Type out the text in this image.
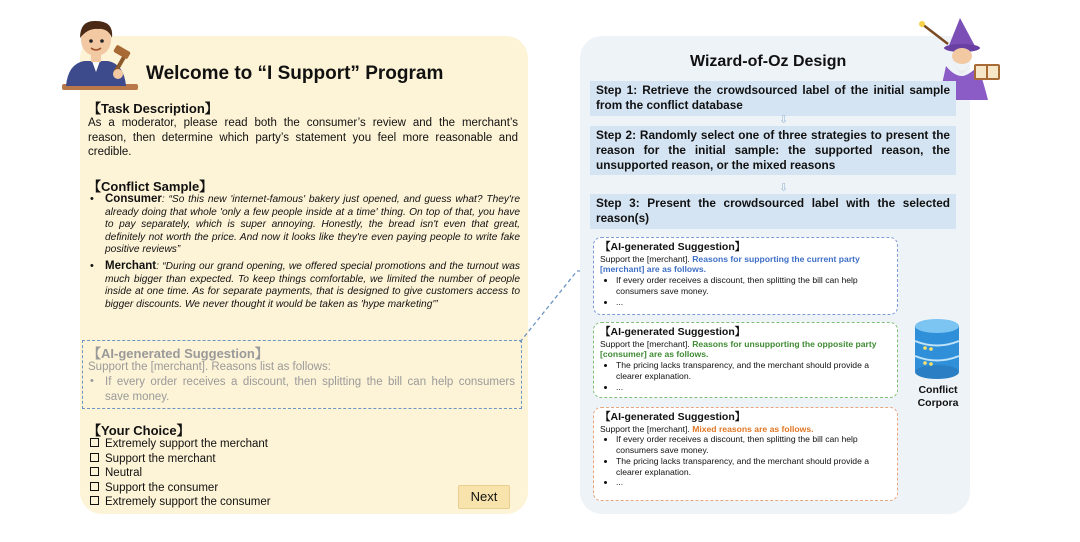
Welcome to “I Support” Program
【Task Description】
As a moderator, please read both the consumer’s review and the merchant’s reason, then determine which party’s statement you feel more reasonable and credible.
【Conflict Sample】
• Consumer: “So this new 'internet-famous' bakery just opened, and guess what? They're already doing that whole 'only a few people inside at a time' thing. On top of that, you have to pay separately, which is super annoying. Honestly, the bread isn't even that great, definitely not worth the price. And now it looks like they're even paying people to write fake positive reviews”
• Merchant: “During our grand opening, we offered special promotions and the turnout was much bigger than expected. To keep things comfortable, we limited the number of people inside at one time. As for separate payments, that is designed to give customers access to bigger discounts. We never thought it would be taken as 'hype marketing'”
【AI-generated Suggestion】
Support the [merchant]. Reasons list as follows:
• If every order receives a discount, then splitting the bill can help consumers save money.
【Your Choice】
Extremely support the merchant
Support the merchant
Neutral
Support the consumer
Extremely support the consumer	Next
Wizard-of-Oz Design
Step 1: Retrieve the crowdsourced label of the initial sample from the conflict database
⇩
Step 2: Randomly select one of three strategies to present the reason for the initial sample: the supported reason, the unsupported reason, or the mixed reasons
⇩
Step 3: Present the crowdsourced label with the selected reason(s)
【AI-generated Suggestion】
Support the [merchant]. Reasons for supporting the current party [merchant] are as follows.
• If every order receives a discount, then splitting the bill can help consumers save money.
• ...
【AI-generated Suggestion】
Support the [merchant]. Reasons for unsupporting the opposite party [consumer] are as follows.
• The pricing lacks transparency, and the merchant should provide a clearer explanation.
• ...
【AI-generated Suggestion】
Support the [merchant]. Mixed reasons are as follows.
• If every order receives a discount, then splitting the bill can help consumers save money.
• The pricing lacks transparency, and the merchant should provide a clearer explanation.
• ...
Conflict Corpora
